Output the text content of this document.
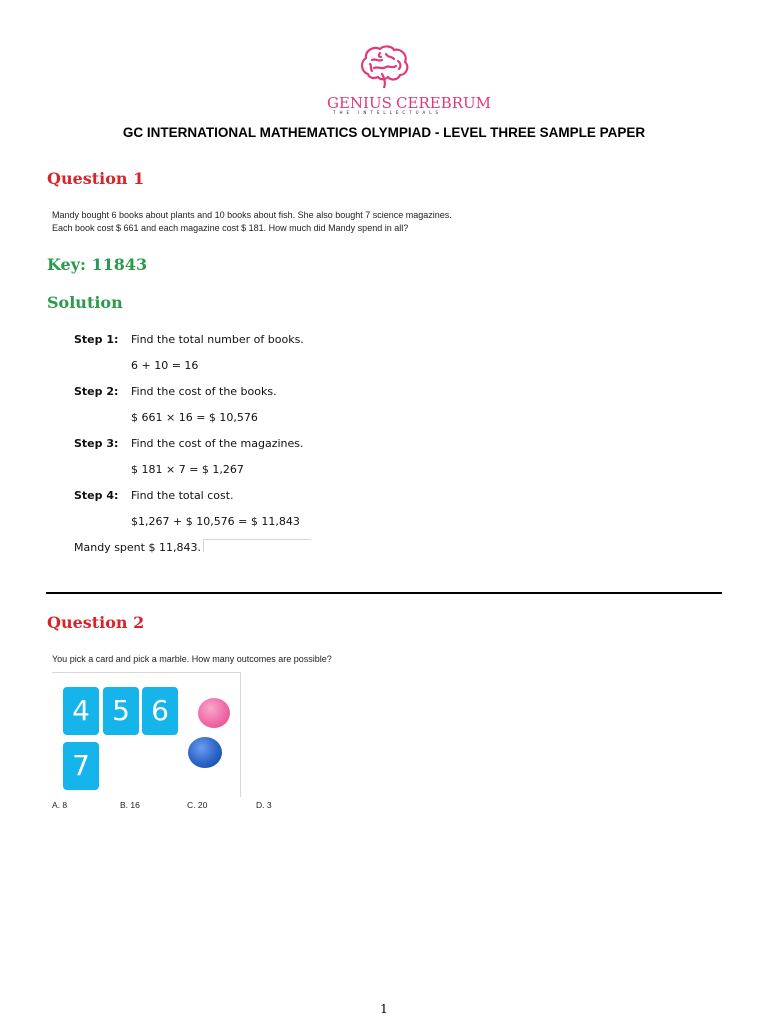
GENIUS CEREBRUM
THE INTELLECTUALS
GC INTERNATIONAL MATHEMATICS OLYMPIAD - LEVEL THREE SAMPLE PAPER
Question 1
Mandy bought 6 books about plants and 10 books about fish. She also bought 7 science magazines.
Each book cost $ 661 and each magazine cost $ 181. How much did Mandy spend in all?
Key: 11843
Solution
Step 1: Find the total number of books.
6 + 10 = 16
Step 2: Find the cost of the books.
$ 661 × 16 = $ 10,576
Step 3: Find the cost of the magazines.
$ 181 × 7 = $ 1,267
Step 4: Find the total cost.
$1,267 + $ 10,576 = $ 11,843
Mandy spent $ 11,843.
Question 2
You pick a card and pick a marble. How many outcomes are possible?
4 5 6
7
A. 8	B. 16	C. 20	D. 3
1
